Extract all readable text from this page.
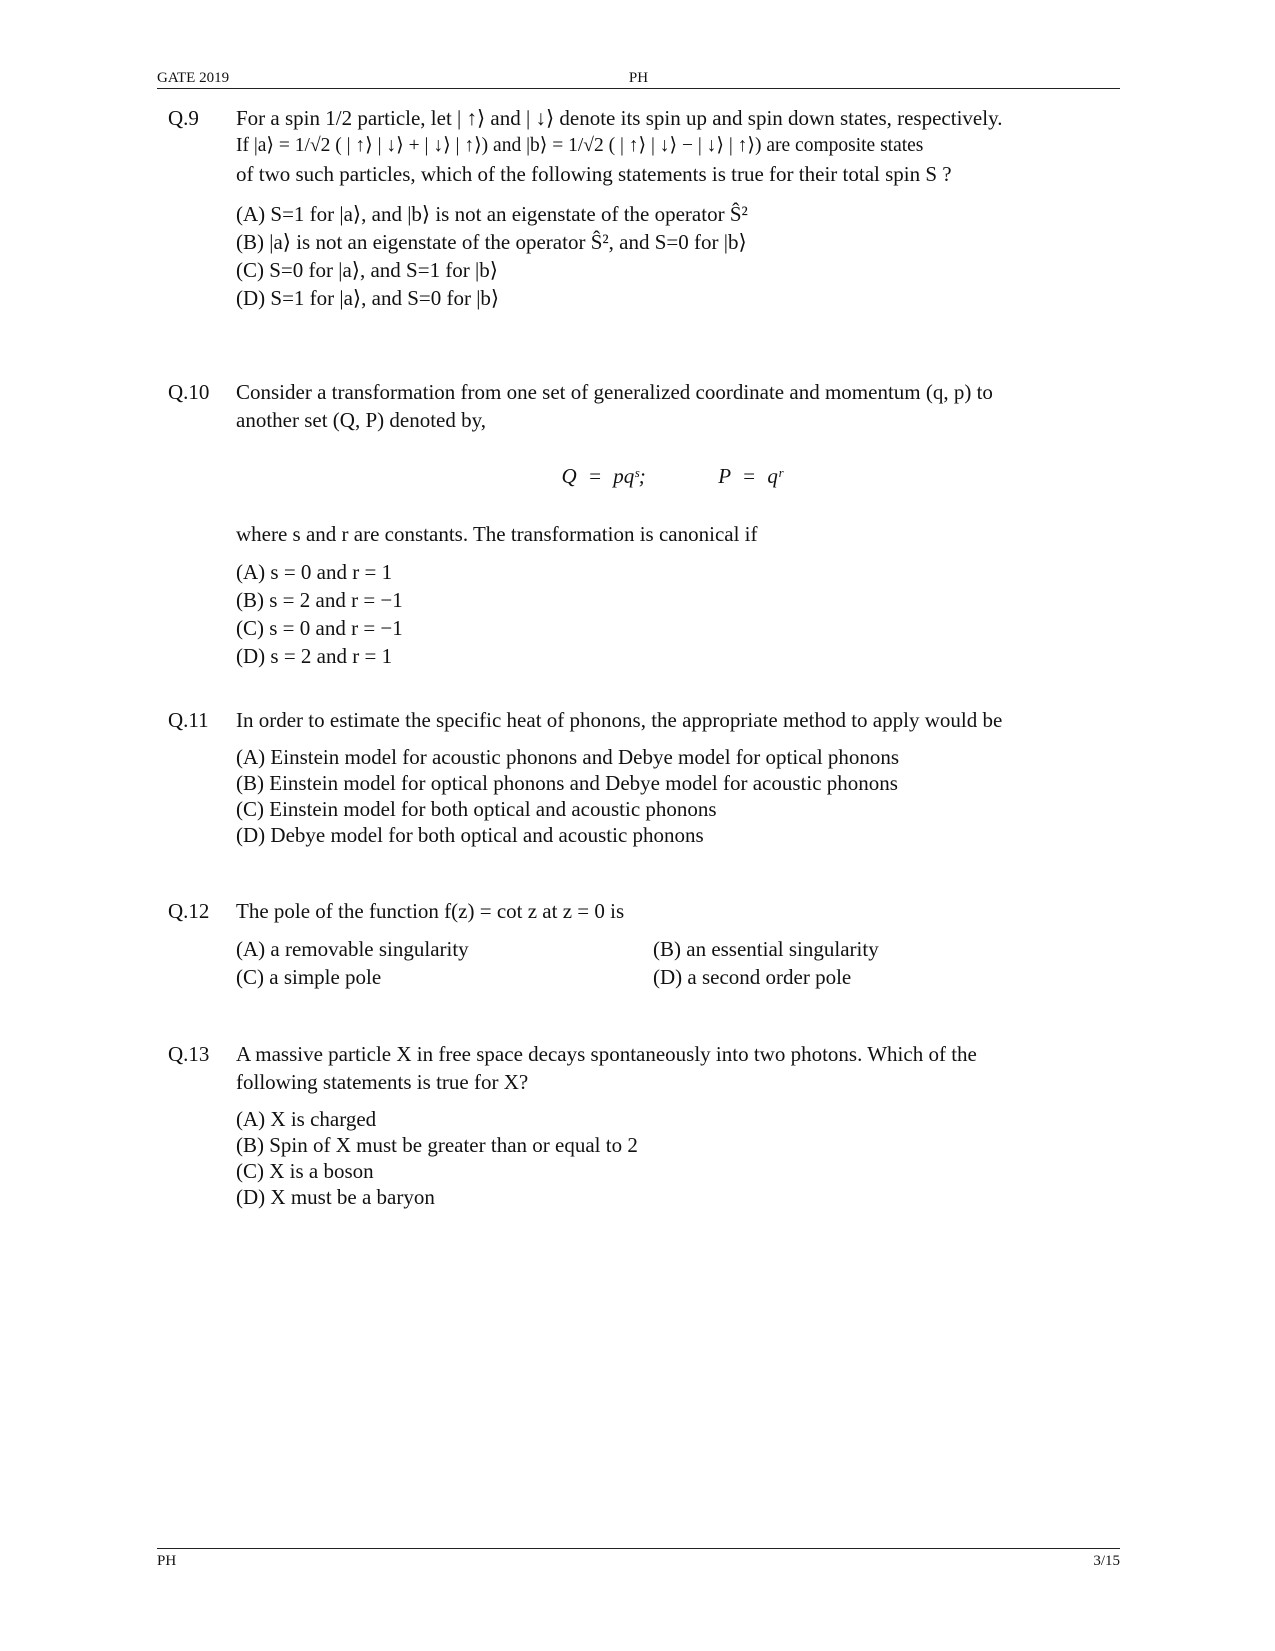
GATE 2019	PH
Q.9	For a spin 1/2 particle, let | ↑⟩ and | ↓⟩ denote its spin up and spin down states, respectively.
If |a⟩ = 1/√2 ( | ↑⟩ | ↓⟩ + | ↓⟩ | ↑⟩) and |b⟩ = 1/√2 ( | ↑⟩ | ↓⟩ − | ↓⟩ | ↑⟩) are composite states
of two such particles, which of the following statements is true for their total spin S ?
(A) S=1 for |a⟩, and |b⟩ is not an eigenstate of the operator Ŝ²
(B) |a⟩ is not an eigenstate of the operator Ŝ², and S=0 for |b⟩
(C) S=0 for |a⟩, and S=1 for |b⟩
(D) S=1 for |a⟩, and S=0 for |b⟩
Q.10	Consider a transformation from one set of generalized coordinate and momentum (q, p) to
another set (Q, P) denoted by,
Q = pqˢ;	P = qʳ
where s and r are constants. The transformation is canonical if
(A) s = 0 and r = 1
(B) s = 2 and r = −1
(C) s = 0 and r = −1
(D) s = 2 and r = 1
Q.11	In order to estimate the specific heat of phonons, the appropriate method to apply would be
(A) Einstein model for acoustic phonons and Debye model for optical phonons
(B) Einstein model for optical phonons and Debye model for acoustic phonons
(C) Einstein model for both optical and acoustic phonons
(D) Debye model for both optical and acoustic phonons
Q.12	The pole of the function f(z) = cot z at z = 0 is
(A) a removable singularity	(B) an essential singularity
(C) a simple pole	(D) a second order pole
Q.13	A massive particle X in free space decays spontaneously into two photons. Which of the
following statements is true for X?
(A) X is charged
(B) Spin of X must be greater than or equal to 2
(C) X is a boson
(D) X must be a baryon
PH	3/15
